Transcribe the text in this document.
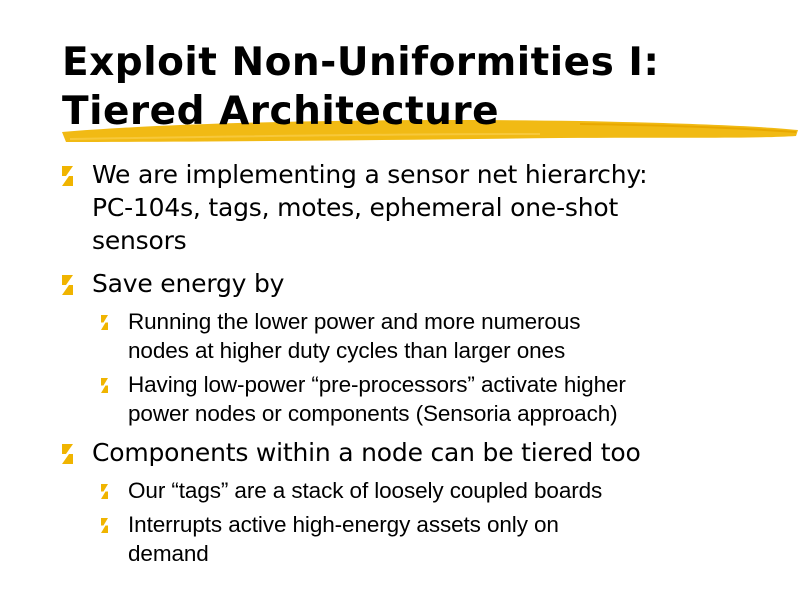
Exploit Non-Uniformities I:
Tiered Architecture
We are implementing a sensor net hierarchy:
PC-104s, tags, motes, ephemeral one-shot
sensors
Save energy by
Running the lower power and more numerous
nodes at higher duty cycles than larger ones
Having low-power “pre-processors” activate higher
power nodes or components (Sensoria approach)
Components within a node can be tiered too
Our “tags” are a stack of loosely coupled boards
Interrupts active high-energy assets only on
demand
